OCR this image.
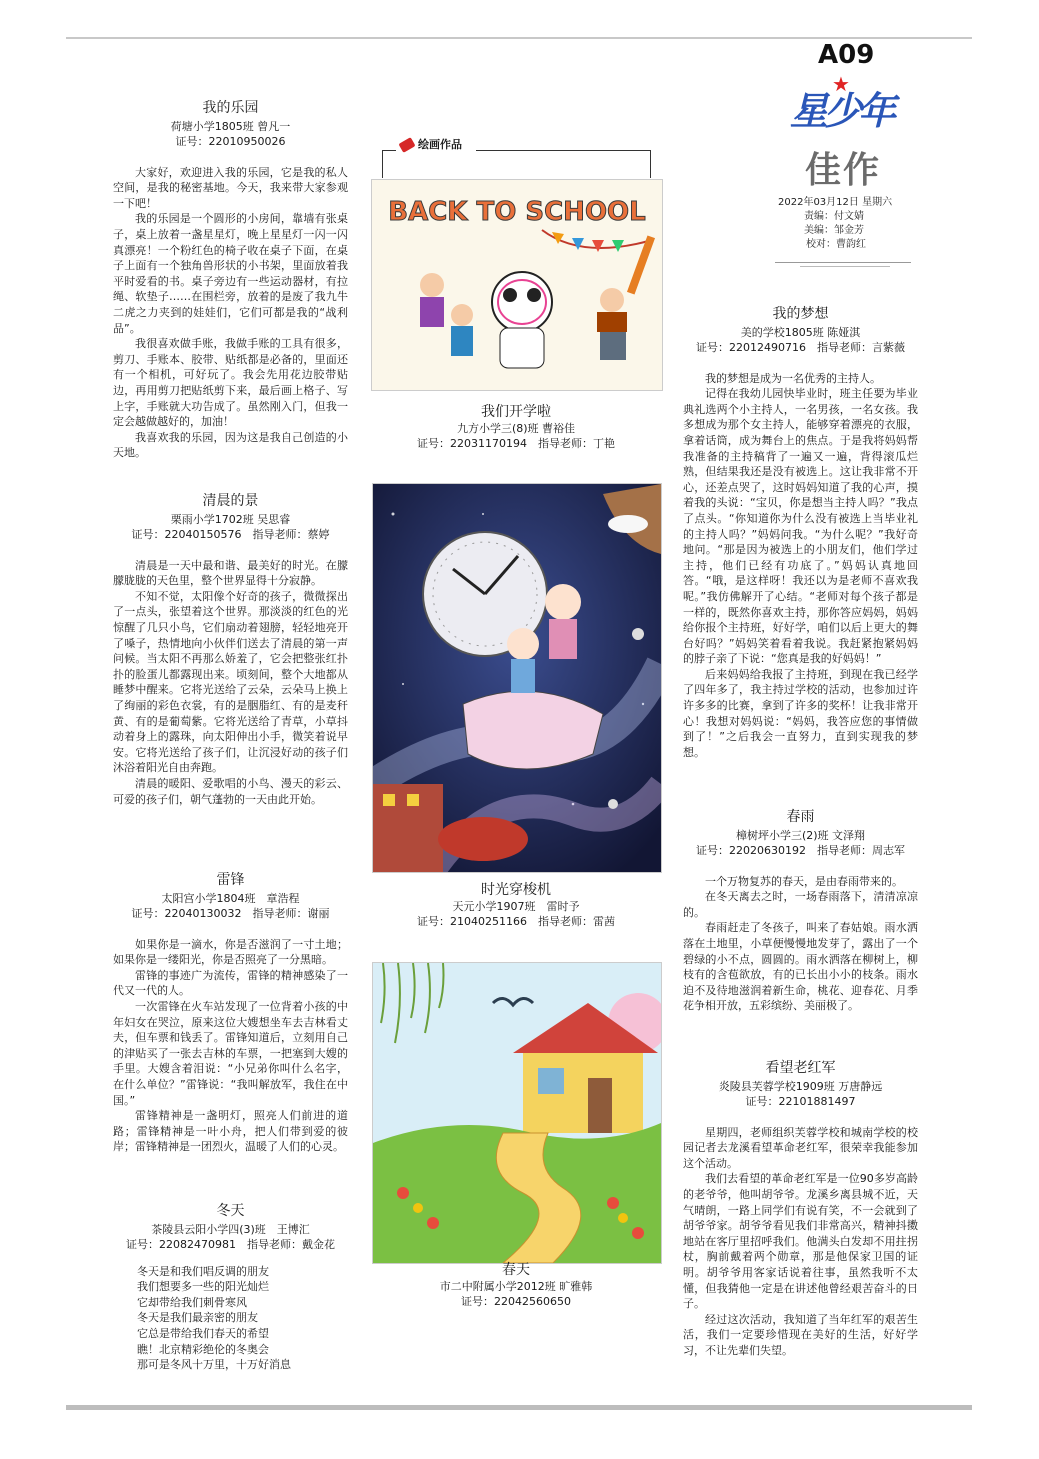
A09
星少年
★
佳作
2022年03月12日 星期六
责编：付文婧
美编：邹金芳
校对：曹韵红
我的乐园
荷塘小学1805班 曾凡一
证号：22010950026

大家好，欢迎进入我的乐园，它是我的私人空间，是我的秘密基地。今天，我来带大家参观一下吧！

我的乐园是一个圆形的小房间，靠墙有张桌子，桌上放着一盏星星灯，晚上星星灯一闪一闪真漂亮！一个粉红色的椅子收在桌子下面，在桌子上面有一个独角兽形状的小书架，里面放着我平时爱看的书。桌子旁边有一些运动器材，有拉绳、软垫子……在围栏旁，放着的是废了我九牛二虎之力夹到的娃娃们，它们可都是我的“战利品”。

我很喜欢做手账，我做手账的工具有很多，剪刀、手账本、胶带、贴纸都是必备的，里面还有一个相机，可好玩了。我会先用花边胶带贴边，再用剪刀把贴纸剪下来，最后画上格子、写上字，手账就大功告成了。虽然刚入门，但我一定会越做越好的，加油！

我喜欢我的乐园，因为这是我自己创造的小天地。

清晨的景
栗雨小学1702班 吴思睿
证号：22040150576　指导老师：蔡婷

清晨是一天中最和谐、最美好的时光。在朦朦胧胧的天色里，整个世界显得十分寂静。

不知不觉，太阳像个好奇的孩子，微微探出了一点头，张望着这个世界。那淡淡的红色的光惊醒了几只小鸟，它们扇动着翅膀，轻轻地亮开了嗓子，热情地向小伙伴们送去了清晨的第一声问候。当太阳不再那么娇羞了，它会把整张红扑扑的脸蛋儿都露现出来。顷刻间，整个大地都从睡梦中醒来。它将光送给了云朵，云朵马上换上了绚丽的彩色衣裳，有的是胭脂红、有的是麦秆黄、有的是葡萄紫。它将光送给了青草，小草抖动着身上的露珠，向太阳伸出小手，微笑着说早安。它将光送给了孩子们，让沉浸好动的孩子们沐浴着阳光自由奔跑。

清晨的暖阳、爱歌唱的小鸟、漫天的彩云、可爱的孩子们，朝气蓬勃的一天由此开始。

雷锋
太阳宫小学1804班　章浩程
证号：22040130032　指导老师：谢丽

如果你是一滴水，你是否滋润了一寸土地；如果你是一缕阳光，你是否照亮了一分黑暗。

雷锋的事迹广为流传，雷锋的精神感染了一代又一代的人。

一次雷锋在火车站发现了一位背着小孩的中年妇女在哭泣，原来这位大嫂想坐车去吉林看丈夫，但车票和钱丢了。雷锋知道后，立刻用自己的津贴买了一张去吉林的车票，一把塞到大嫂的手里。大嫂含着泪说：“小兄弟你叫什么名字，在什么单位？”雷锋说：“我叫解放军，我住在中国。”

雷锋精神是一盏明灯，照亮人们前进的道路；雷锋精神是一叶小舟，把人们带到爱的彼岸；雷锋精神是一团烈火，温暖了人们的心灵。

冬天
茶陵县云阳小学四(3)班　王博汇
证号：22082470981　指导老师：戴金花

冬天是和我们唱反调的朋友

我们想要多一些的阳光灿烂

它却带给我们刺骨寒风

冬天是我们最亲密的朋友

它总是带给我们春天的希望

瞧！北京精彩绝伦的冬奥会

那可是冬风十万里，十万好消息

绘画作品
BACK TO SCHOOL
我们开学啦
九方小学三(8)班 曹裕佳
证号：22031170194　指导老师：丁艳
时光穿梭机
天元小学1907班　雷时予
证号：21040251166　指导老师：雷茜
春天
市二中附属小学2012班 旷雅韩
证号：22042560650
我的梦想
美的学校1805班 陈娅淇
证号：22012490716　指导老师：言紫薇

我的梦想是成为一名优秀的主持人。

记得在我幼儿园快毕业时，班主任要为毕业典礼选两个小主持人，一名男孩，一名女孩。我多想成为那个女主持人，能够穿着漂亮的衣服，拿着话筒，成为舞台上的焦点。于是我将妈妈帮我准备的主持稿背了一遍又一遍，背得滚瓜烂熟，但结果我还是没有被选上。这让我非常不开心，还差点哭了，这时妈妈知道了我的心声，摸着我的头说：“宝贝，你是想当主持人吗？”我点了点头。“你知道你为什么没有被选上当毕业礼的主持人吗？”妈妈问我。“为什么呢？”我好奇地问。“那是因为被选上的小朋友们，他们学过主持，他们已经有功底了。”妈妈认真地回答。“哦，是这样呀！我还以为是老师不喜欢我呢。”我仿佛解开了心结。“老师对每个孩子都是一样的，既然你喜欢主持，那你答应妈妈，妈妈给你报个主持班，好好学，咱们以后上更大的舞台好吗？”妈妈笑着看着我说。我赶紧抱紧妈妈的脖子亲了下说：“您真是我的好妈妈！”

后来妈妈给我报了主持班，到现在我已经学了四年多了，我主持过学校的活动，也参加过许许多多的比赛，拿到了许多的奖杯！让我非常开心！我想对妈妈说：“妈妈，我答应您的事情做到了！”之后我会一直努力，直到实现我的梦想。

春雨
樟树坪小学三(2)班 文泽翔
证号：22020630192　指导老师：周志军

一个万物复苏的春天，是由春雨带来的。

在冬天离去之时，一场春雨落下，清清凉凉的。

春雨赶走了冬孩子，叫来了春姑娘。雨水洒落在土地里，小草便慢慢地发芽了，露出了一个碧绿的小不点，圆圆的。雨水洒落在柳树上，柳枝有的含苞欲放，有的已长出小小的枝条。雨水迫不及待地滋润着新生命，桃花、迎春花、月季花争相开放，五彩缤纷、美丽极了。

看望老红军
炎陵县芙蓉学校1909班 万唐静远
证号：22101881497

星期四，老师组织芙蓉学校和城南学校的校园记者去龙溪看望革命老红军，很荣幸我能参加这个活动。

我们去看望的革命老红军是一位90多岁高龄的老爷爷，他叫胡爷爷。龙溪乡离县城不近，天气晴朗，一路上同学们有说有笑，不一会就到了胡爷爷家。胡爷爷看见我们非常高兴，精神抖擞地站在客厅里招呼我们。他满头白发却不用拄拐杖，胸前戴着两个勋章，那是他保家卫国的证明。胡爷爷用客家话说着往事，虽然我听不太懂，但我猜他一定是在讲述他曾经艰苦奋斗的日子。

经过这次活动，我知道了当年红军的艰苦生活，我们一定要珍惜现在美好的生活，好好学习，不让先辈们失望。
